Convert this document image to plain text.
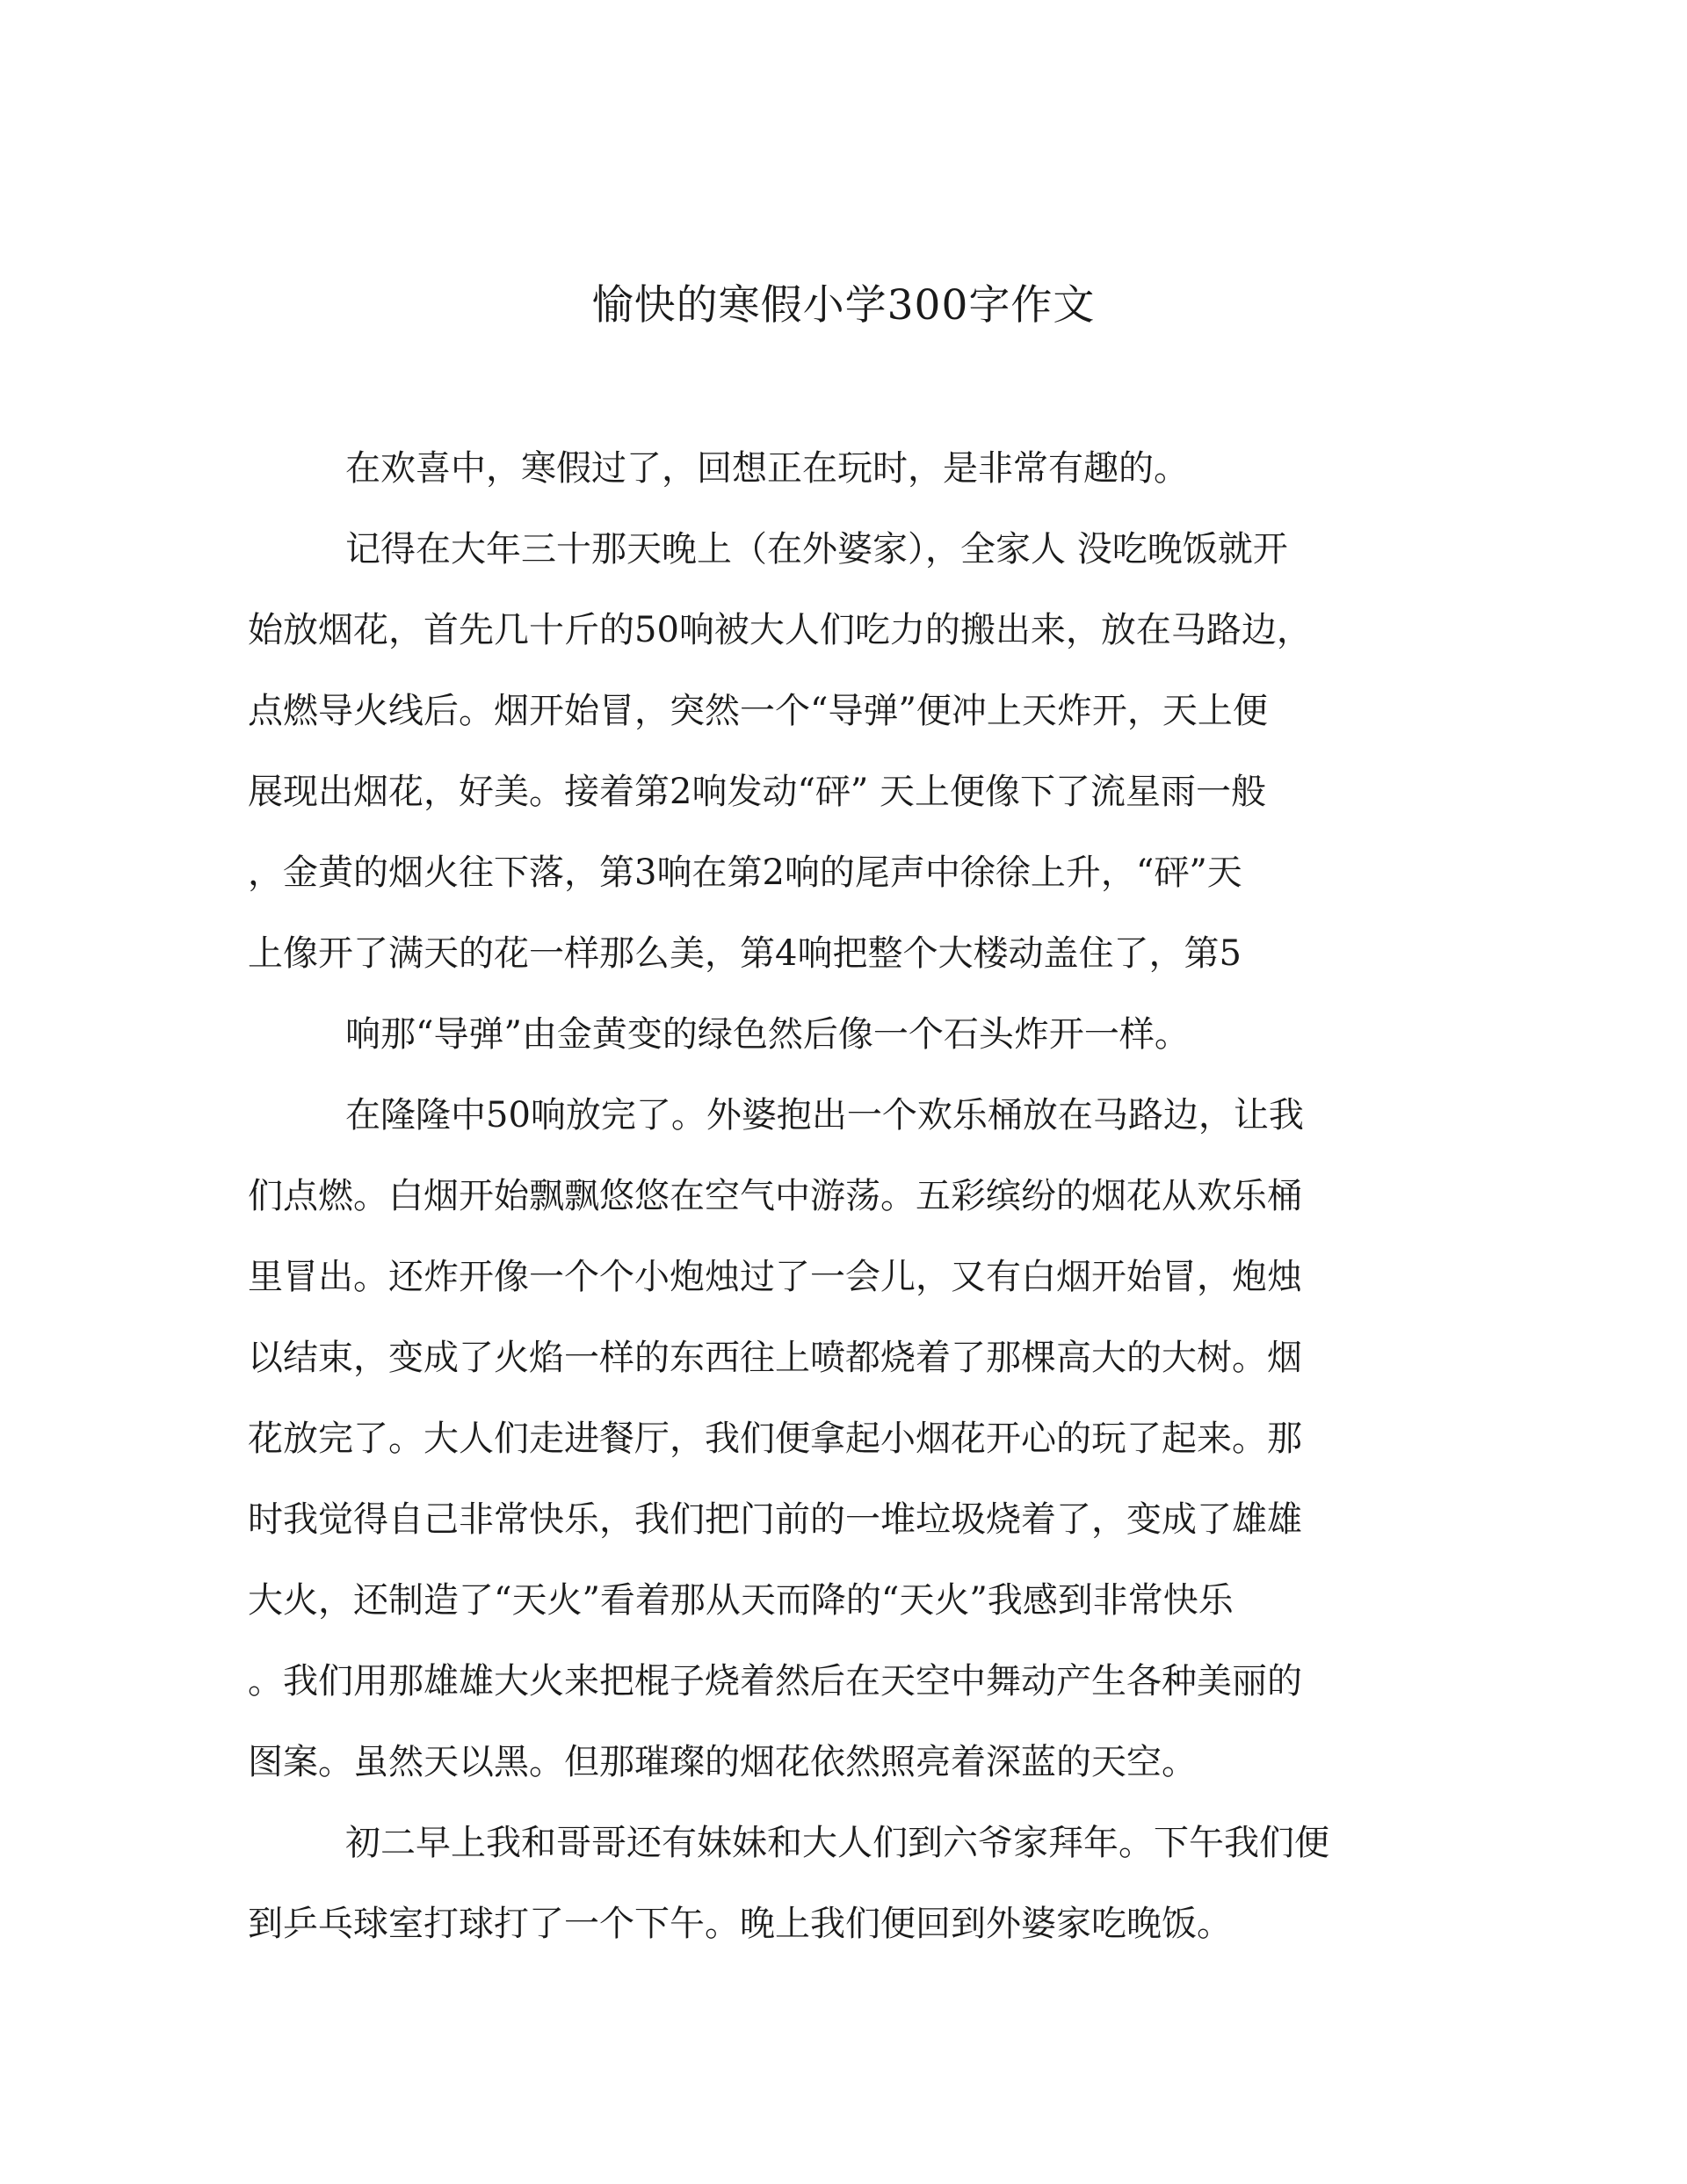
愉快的寒假小学300字作文
在欢喜中，寒假过了，回想正在玩时，是非常有趣的。
记得在大年三十那天晚上（在外婆家），全家人 没吃晚饭就开
始放烟花，首先几十斤的50响被大人们吃力的搬出来，放在马路边，
点燃导火线后。烟开始冒，突然一个“导弹”便冲上天炸开，天上便
展现出烟花，好美。接着第2响发动“砰” 天上便像下了流星雨一般
，金黄的烟火往下落，第3响在第2响的尾声中徐徐上升，“砰”天
上像开了满天的花一样那么美，第4响把整个大楼动盖住了，第5
响那“导弹”由金黄变的绿色然后像一个石头炸开一样。
在隆隆中50响放完了。外婆抱出一个欢乐桶放在马路边，让我
们点燃。白烟开始飘飘悠悠在空气中游荡。五彩缤纷的烟花从欢乐桶
里冒出。还炸开像一个个小炮烛过了一会儿，又有白烟开始冒，炮烛
以结束，变成了火焰一样的东西往上喷都烧着了那棵高大的大树。烟
花放完了。大人们走进餐厅，我们便拿起小烟花开心的玩了起来。那
时我觉得自己非常快乐，我们把门前的一堆垃圾烧着了，变成了雄雄
大火，还制造了“天火”看着那从天而降的“天火”我感到非常快乐
。我们用那雄雄大火来把棍子烧着然后在天空中舞动产生各种美丽的
图案。虽然天以黑。但那璀璨的烟花依然照亮着深蓝的天空。
初二早上我和哥哥还有妹妹和大人们到六爷家拜年。下午我们便
到乒乓球室打球打了一个下午。晚上我们便回到外婆家吃晚饭。
